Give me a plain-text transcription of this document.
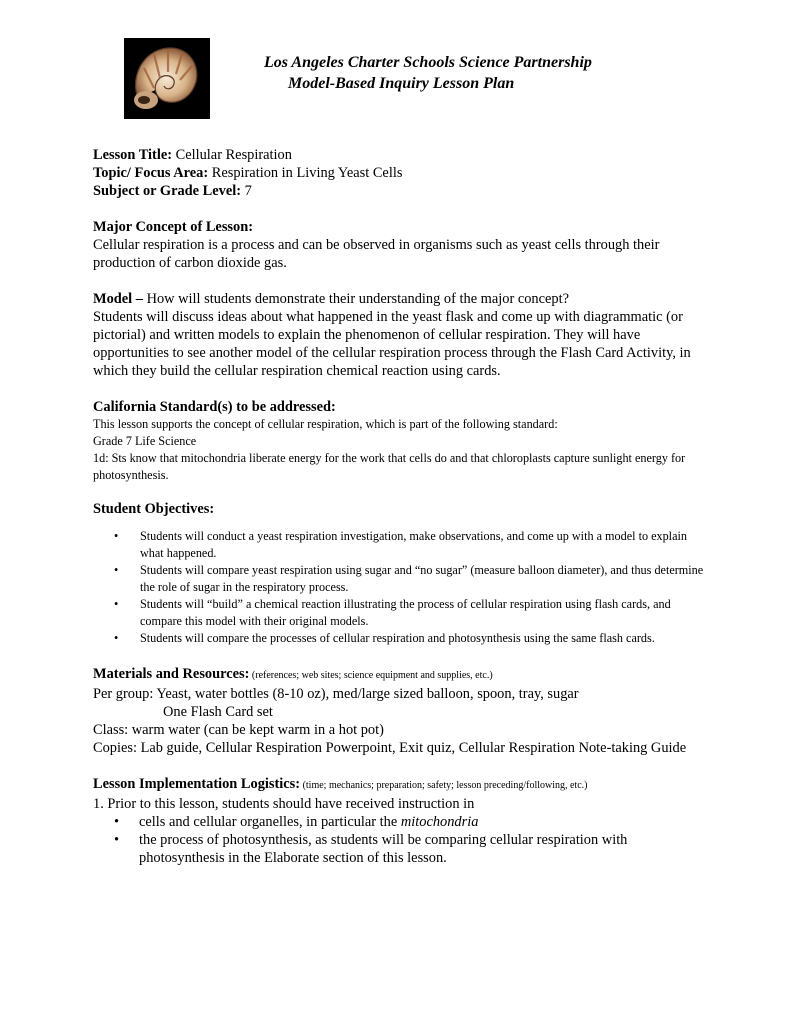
Los Angeles Charter Schools Science Partnership
Model-Based Inquiry Lesson Plan
Lesson Title: Cellular Respiration
Topic/ Focus Area: Respiration in Living Yeast Cells
Subject or Grade Level: 7
Major Concept of Lesson:
Cellular respiration is a process and can be observed in organisms such as yeast cells through their production of carbon dioxide gas.
Model – How will students demonstrate their understanding of the major concept?
Students will discuss ideas about what happened in the yeast flask and come up with diagrammatic (or pictorial) and written models to explain the phenomenon of cellular respiration. They will have opportunities to see another model of the cellular respiration process through the Flash Card Activity, in which they build the cellular respiration chemical reaction using cards.
California Standard(s) to be addressed:
This lesson supports the concept of cellular respiration, which is part of the following standard:
Grade 7 Life Science
1d: Sts know that mitochondria liberate energy for the work that cells do and that chloroplasts capture sunlight energy for photosynthesis.
Student Objectives:
• Students will conduct a yeast respiration investigation, make observations, and come up with a model to explain what happened.
• Students will compare yeast respiration using sugar and “no sugar” (measure balloon diameter), and thus determine the role of sugar in the respiratory process.
• Students will “build” a chemical reaction illustrating the process of cellular respiration using flash cards, and compare this model with their original models.
• Students will compare the processes of cellular respiration and photosynthesis using the same flash cards.
Materials and Resources: (references; web sites; science equipment and supplies, etc.)
Per group: Yeast, water bottles (8-10 oz), med/large sized balloon, spoon, tray, sugar
One Flash Card set
Class: warm water (can be kept warm in a hot pot)
Copies: Lab guide, Cellular Respiration Powerpoint, Exit quiz, Cellular Respiration Note-taking Guide
Lesson Implementation Logistics: (time; mechanics; preparation; safety; lesson preceding/following, etc.)
1. Prior to this lesson, students should have received instruction in
• cells and cellular organelles, in particular the mitochondria
• the process of photosynthesis, as students will be comparing cellular respiration with photosynthesis in the Elaborate section of this lesson.
